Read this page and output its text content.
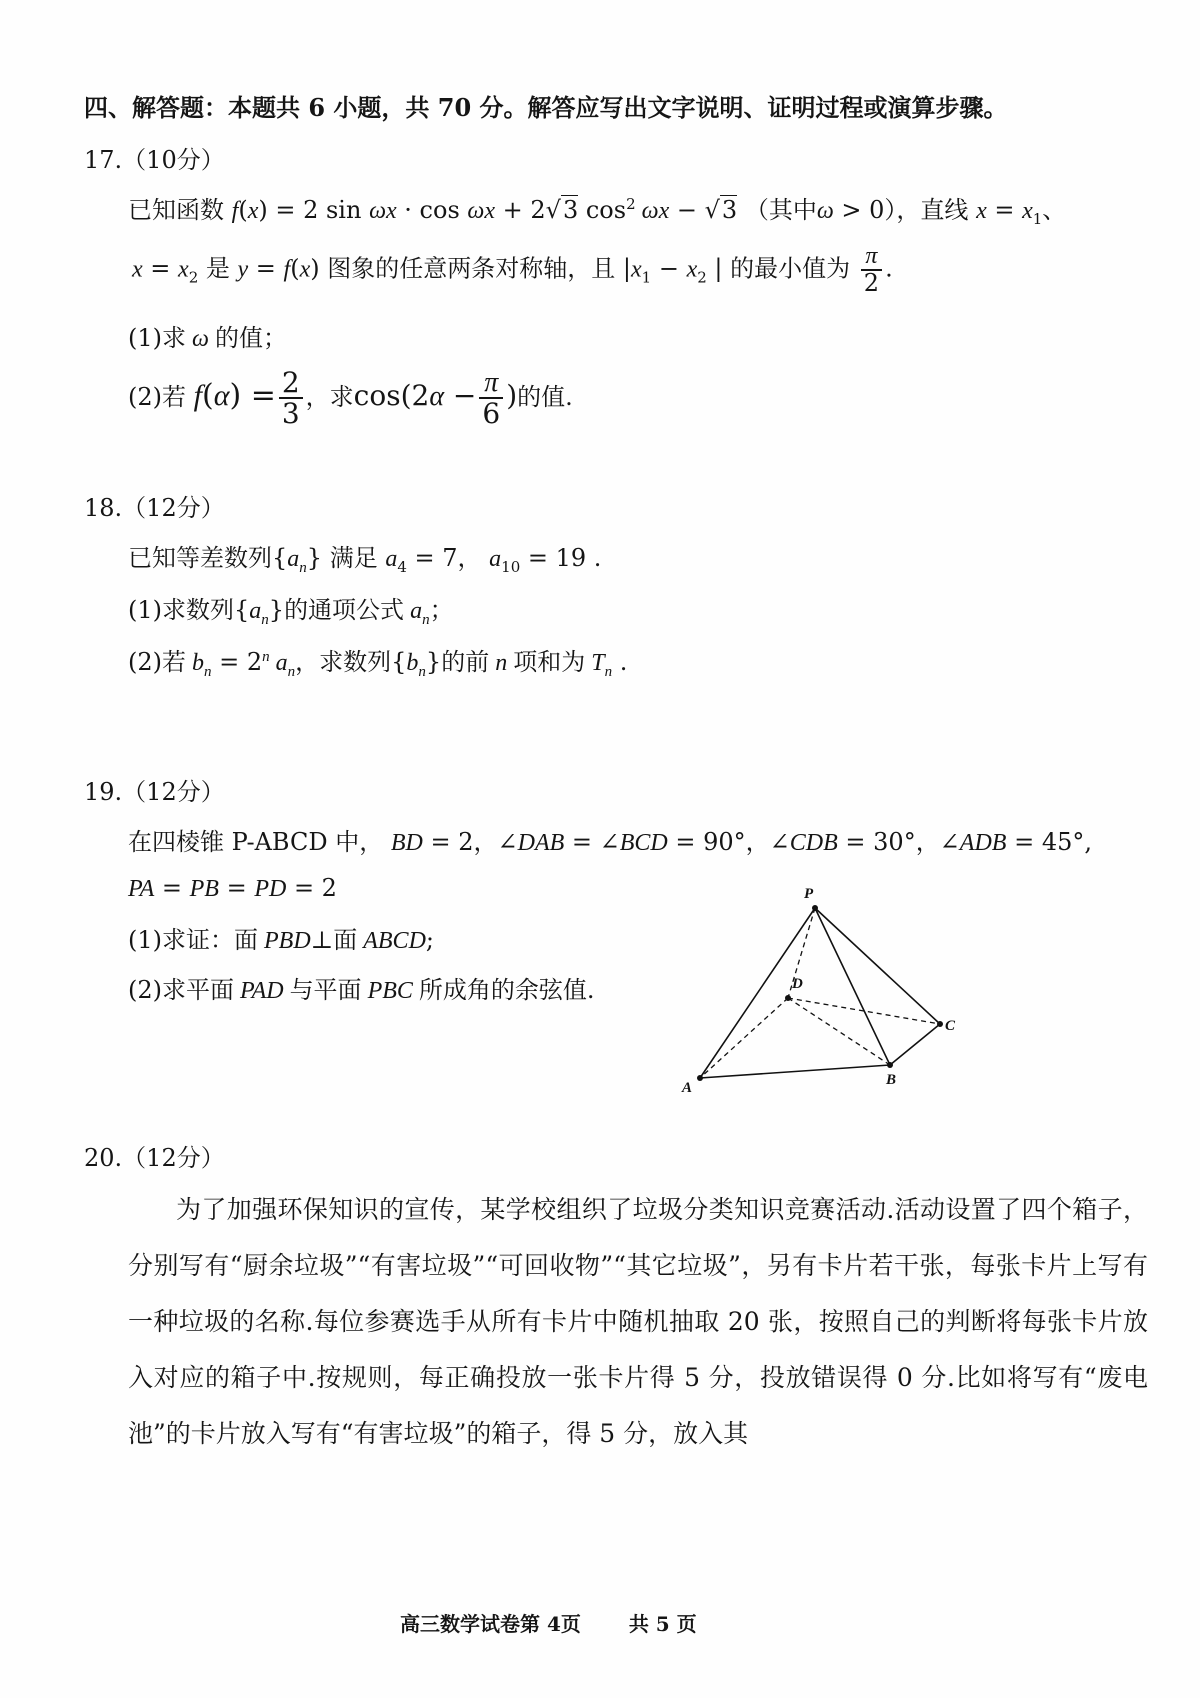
四、解答题：本题共 6 小题，共 70 分。解答应写出文字说明、证明过程或演算步骤。
17.（10分）
已知函数 f(x) = 2 sin ωx · cos ωx + 2√3 $\cos^2 \omega x - √3$ （其中ω > 0），直线 $x = x_1$、
$x = x_2$ 是 y = f(x) 图象的任意两条对称轴，且 $|x_1 - x_2$ | 的最小值为 $\frac{\pi}{2}$ .
(1)求 ω 的值；
(2)若 $f(\alpha) = \frac{2}{3}$ ，求$\cos(2\alpha - \frac{\pi}{6}$ )的值.
18.（12分）
已知等差数列$\{a_n\}$ 满足 $a_4 = 7$， $a_{10} = 19$ .
(1)求数列$\{a_n\}$的通项公式 $a_n$；
(2)若 $b_n = 2^n$ $a_n$，求数列$\{b_n\}$的前 n 项和为 $T_n$ .
19.（12分）
在四棱锥 P-ABCD 中， BD = 2，∠DAB = ∠BCD = 90°，∠CDB = 30°，∠ADB = 45°,
PA = PB = PD = 2
(1)求证：面 PBD⊥面 ABCD;
(2)求平面 PAD 与平面 PBC 所成角的余弦值.
P
D
C
A	B
20.（12分）
为了加强环保知识的宣传，某学校组织了垃圾分类知识竞赛活动.活动设置了四个箱子，分别写有“厨余垃圾”“有害垃圾”“可回收物”“其它垃圾”，另有卡片若干张，每张卡片上写有一种垃圾的名称.每位参赛选手从所有卡片中随机抽取 20 张，按照自己的判断将每张卡片放入对应的箱子中.按规则，每正确投放一张卡片得 5 分，投放错误得 0 分.比如将写有“废电池”的卡片放入写有“有害垃圾”的箱子，得 5 分，放入其
高三数学试卷第 4页 共 5 页
